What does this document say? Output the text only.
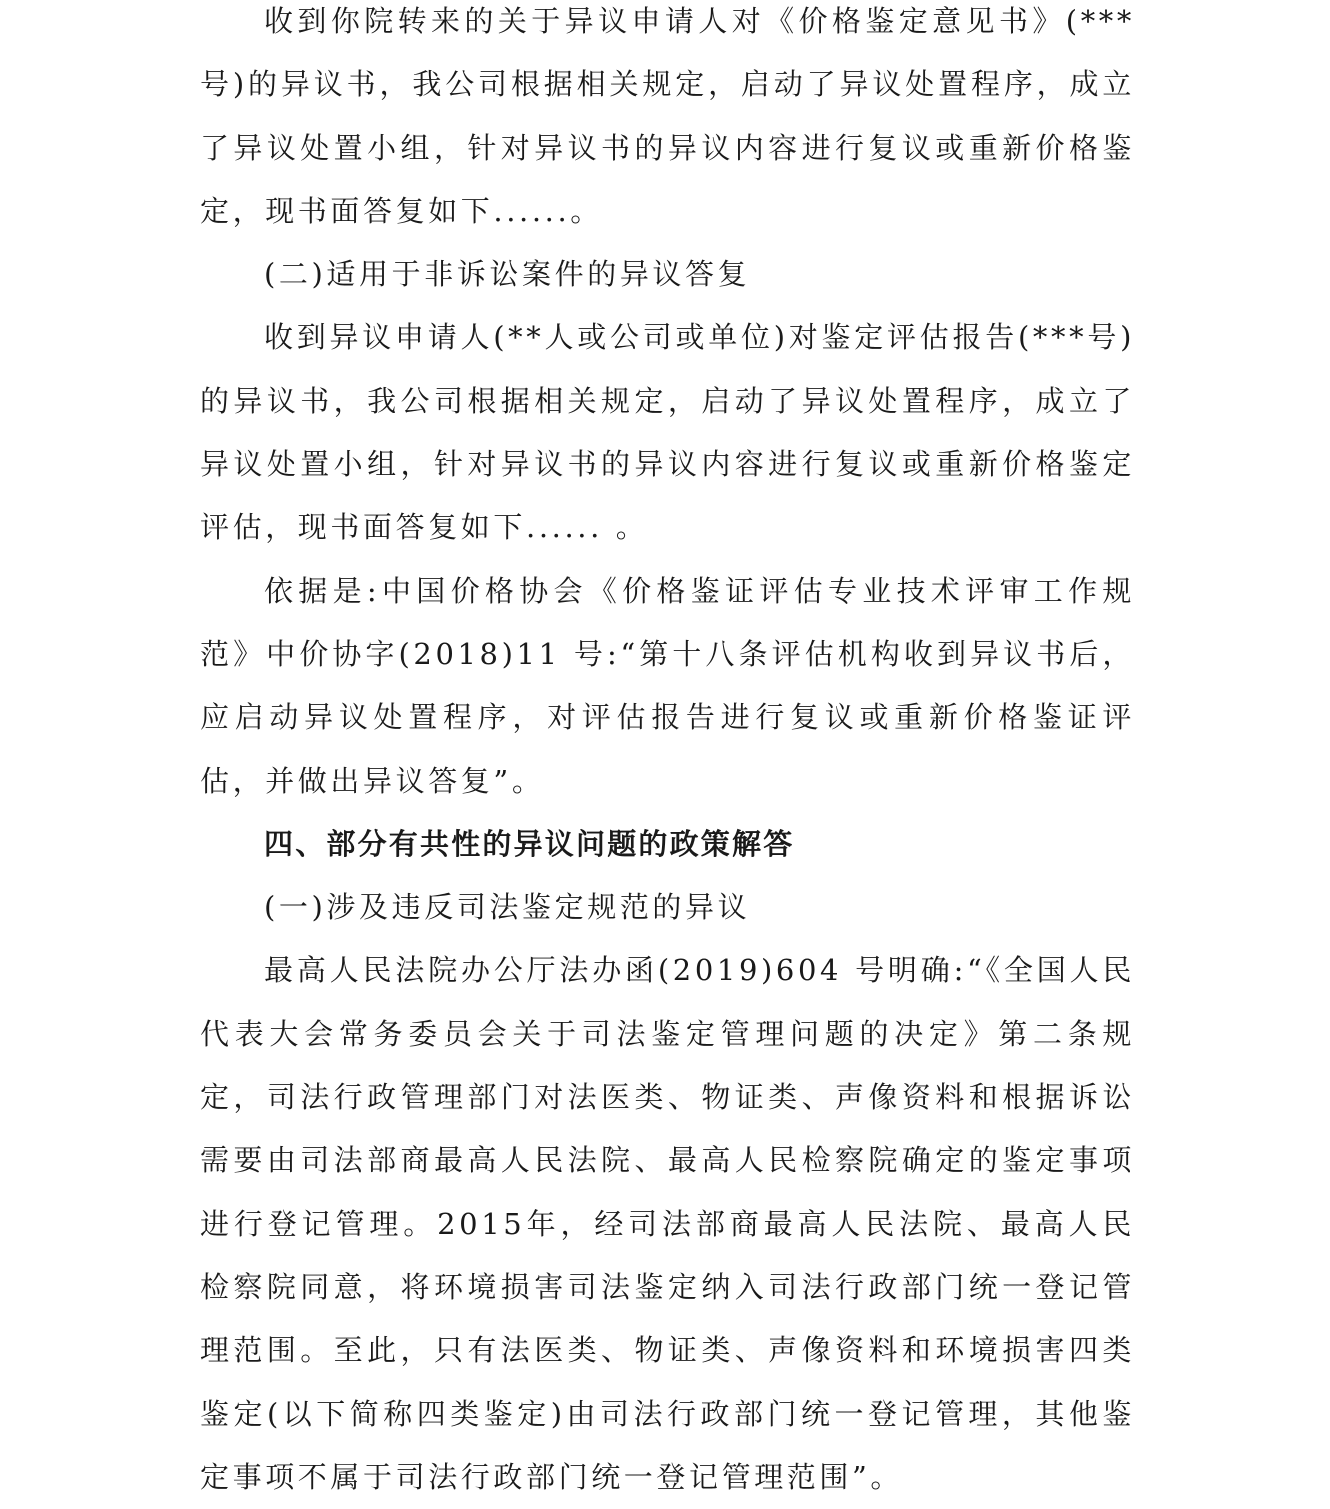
收到你院转来的关于异议申请人对《价格鉴定意见书》(***号)的异议书，我公司根据相关规定，启动了异议处置程序，成立了异议处置小组，针对异议书的异议内容进行复议或重新价格鉴定，现书面答复如下......。

(二)适用于非诉讼案件的异议答复

收到异议申请人(**人或公司或单位)对鉴定评估报告(***号)的异议书，我公司根据相关规定，启动了异议处置程序，成立了异议处置小组，针对异议书的异议内容进行复议或重新价格鉴定评估，现书面答复如下...... 。

依据是:中国价格协会《价格鉴证评估专业技术评审工作规范》中价协字(2018)11 号:“第十八条评估机构收到异议书后，应启动异议处置程序，对评估报告进行复议或重新价格鉴证评估，并做出异议答复”。

四、部分有共性的异议问题的政策解答

(一)涉及违反司法鉴定规范的异议

最高人民法院办公厅法办函(2019)604 号明确:“《全国人民代表大会常务委员会关于司法鉴定管理问题的决定》第二条规定，司法行政管理部门对法医类、物证类、声像资料和根据诉讼需要由司法部商最高人民法院、最高人民检察院确定的鉴定事项进行登记管理。2015年，经司法部商最高人民法院、最高人民检察院同意，将环境损害司法鉴定纳入司法行政部门统一登记管理范围。至此，只有法医类、物证类、声像资料和环境损害四类鉴定(以下简称四类鉴定)由司法行政部门统一登记管理，其他鉴定事项不属于司法行政部门统一登记管理范围”。
